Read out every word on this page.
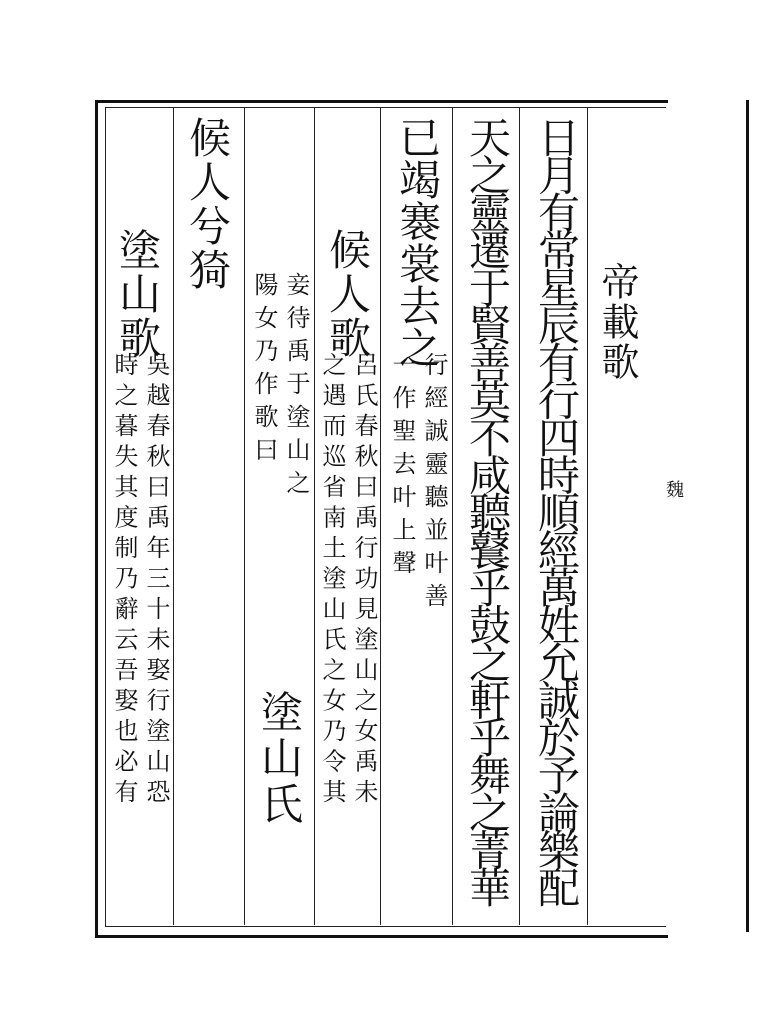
帝載歌
日月有常星辰有行四時順經萬姓允誠於予論樂配
天之靈遷于賢善莫不咸聽鼚乎鼓之軒乎舞之菁華
已竭褰裳去之
行經誠靈聽並叶善
一作聖去叶上聲
候人歌
呂氏春秋曰禹行功見塗山之女禹未
之遇而巡省南土塗山氏之女乃令其
妾待禹于塗山之
陽女乃作歌曰
塗山氏
候人兮猗
塗山歌
吳越春秋曰禹年三十未娶行塗山恐
時之暮失其度制乃辭云吾娶也必有	魏
